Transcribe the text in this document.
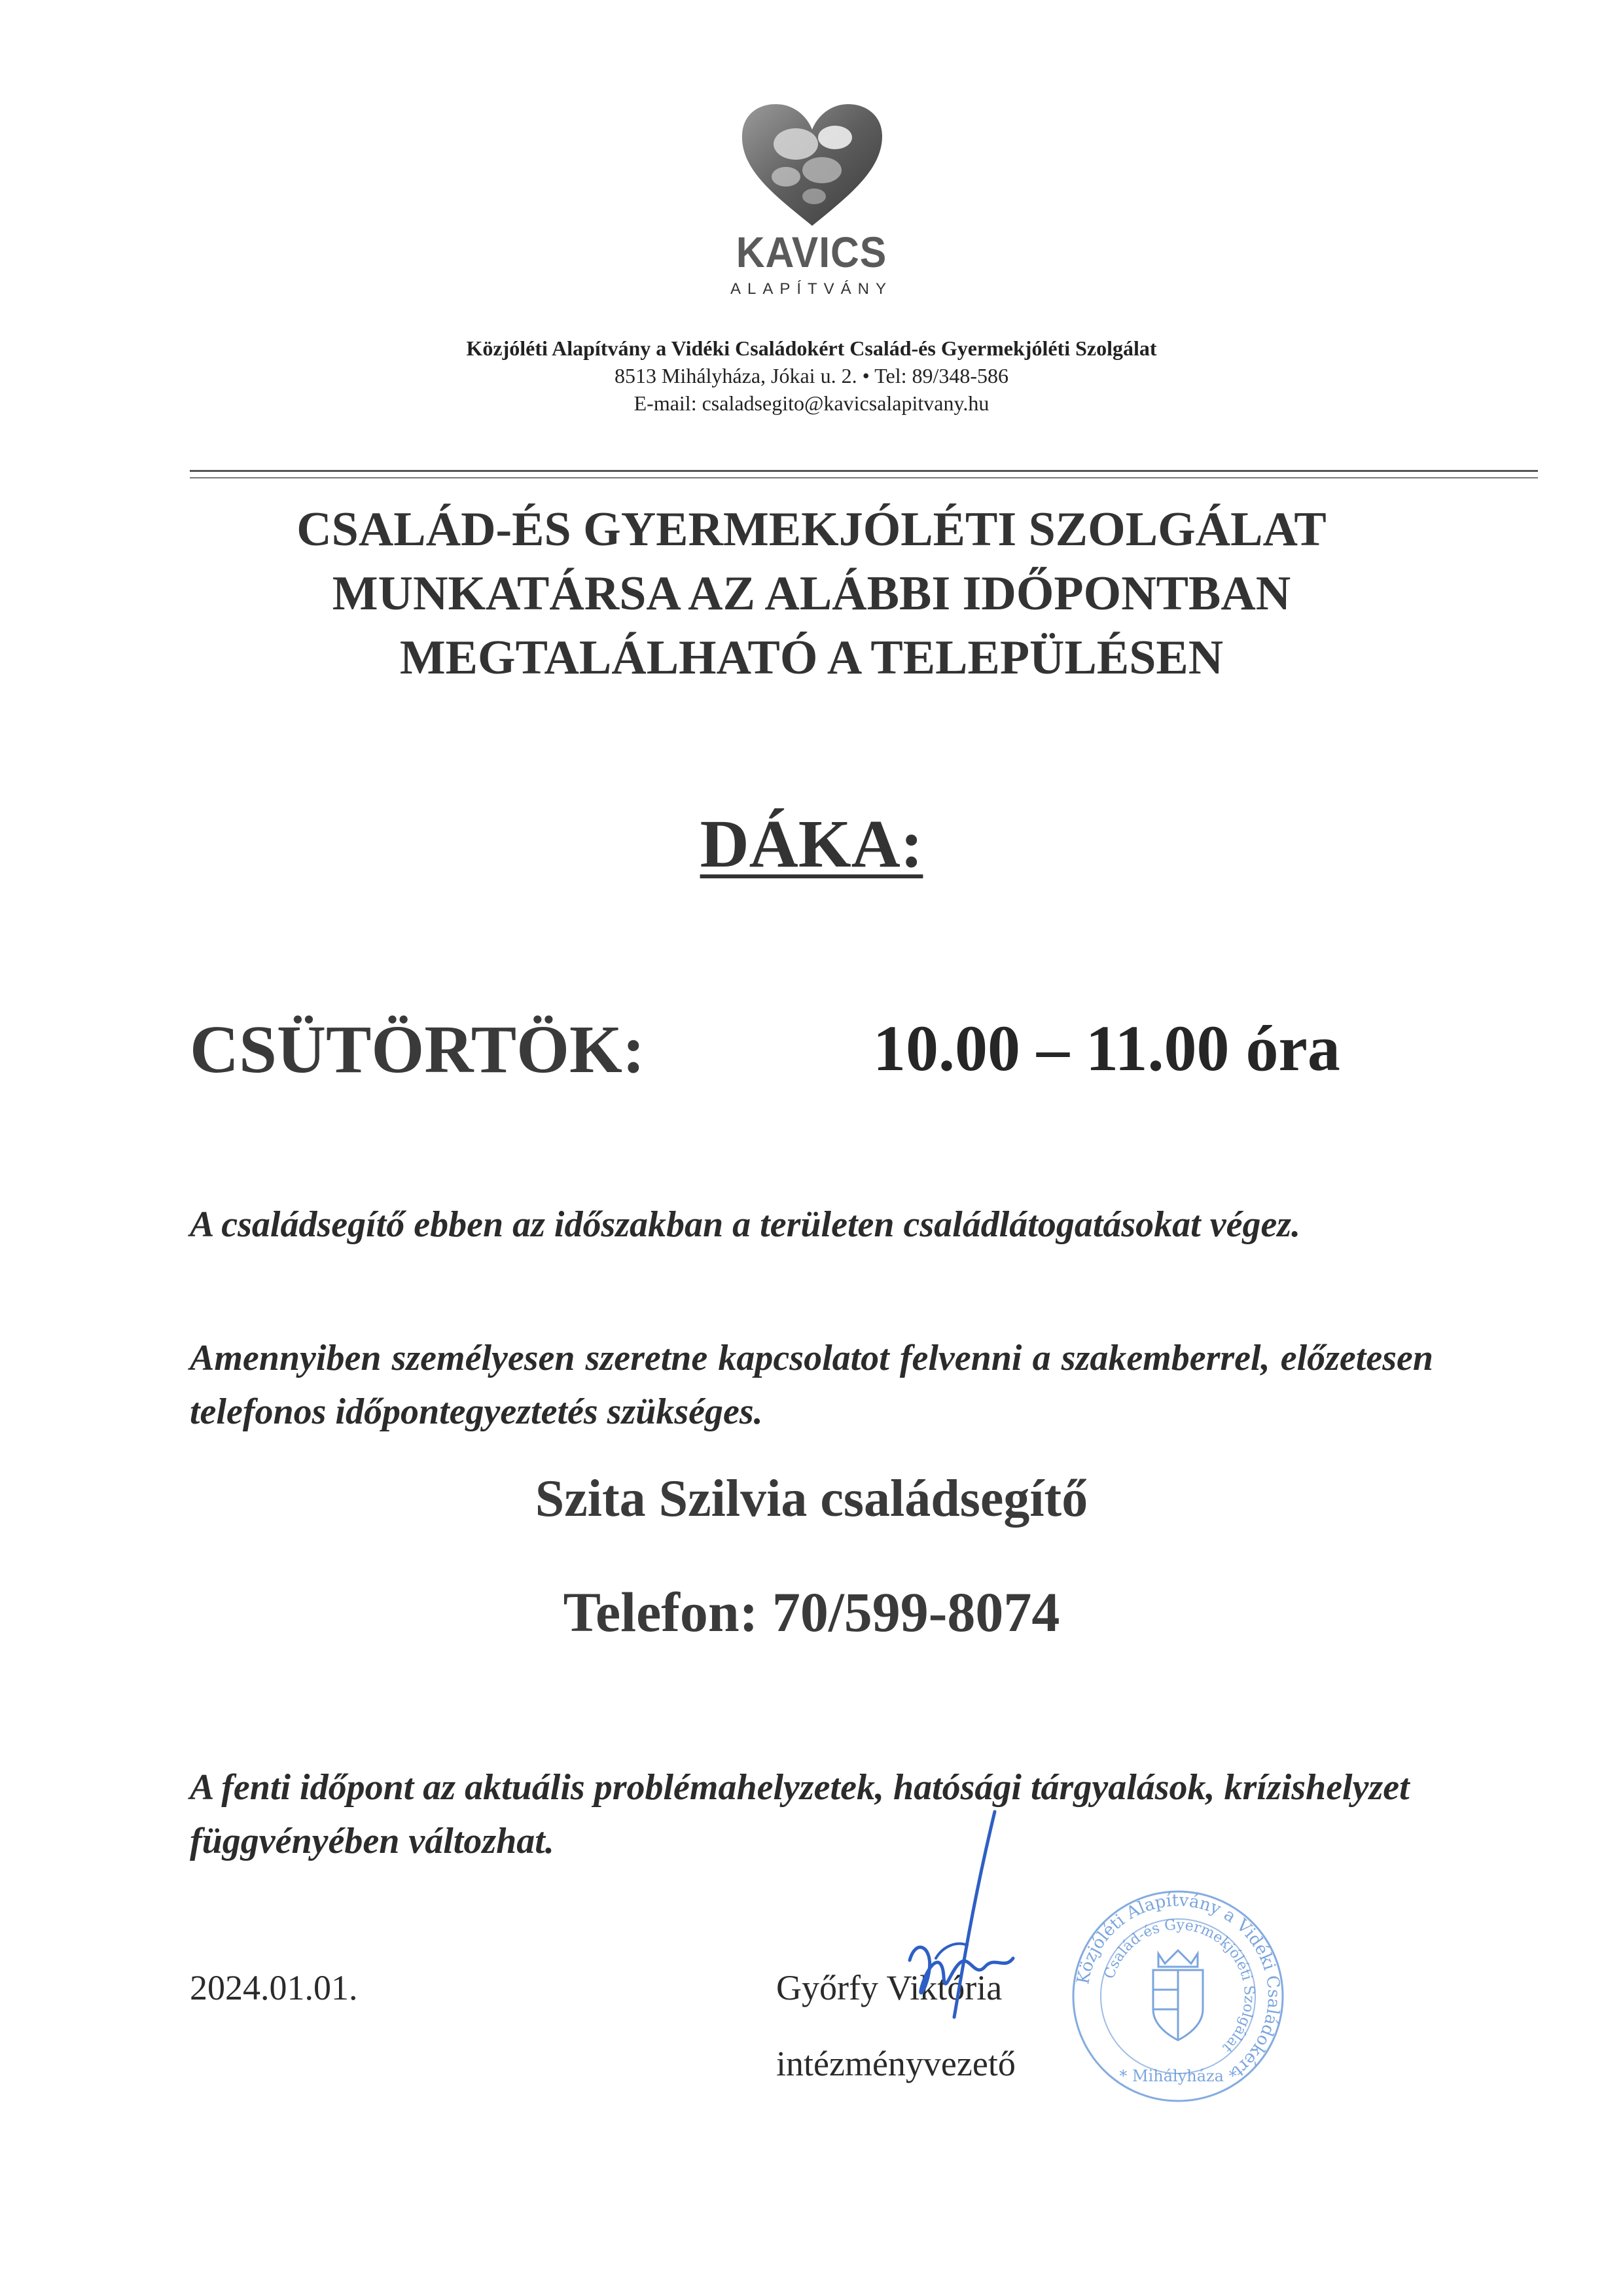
KAVICS
ALAPÍTVÁNY
Közjóléti Alapítvány a Vidéki Családokért Család-és Gyermekjóléti Szolgálat
8513 Mihályháza, Jókai u. 2. • Tel: 89/348-586
E-mail: csaladsegito@kavicsalapitvany.hu
CSALÁD-ÉS GYERMEKJÓLÉTI SZOLGÁLAT
MUNKATÁRSA AZ ALÁBBI IDŐPONTBAN
MEGTALÁLHATÓ A TELEPÜLÉSEN
DÁKA:
CSÜTÖRTÖK:	10.00 – 11.00 óra
A családsegítő ebben az időszakban a területen családlátogatásokat végez.
Amennyiben személyesen szeretne kapcsolatot felvenni a szakemberrel, előzetesen telefonos időpontegyeztetés szükséges.
Szita Szilvia családsegítő
Telefon: 70/599-8074
A fenti időpont az aktuális problémahelyzetek, hatósági tárgyalások, krízishelyzet függvényében változhat.
2024.01.01.	Győrfy Viktória
intézményvezető
Közjóléti Alapítvány a Vidéki Családokért
Család-és Gyermekjóléti Szolgálat
* Mihályháza *
